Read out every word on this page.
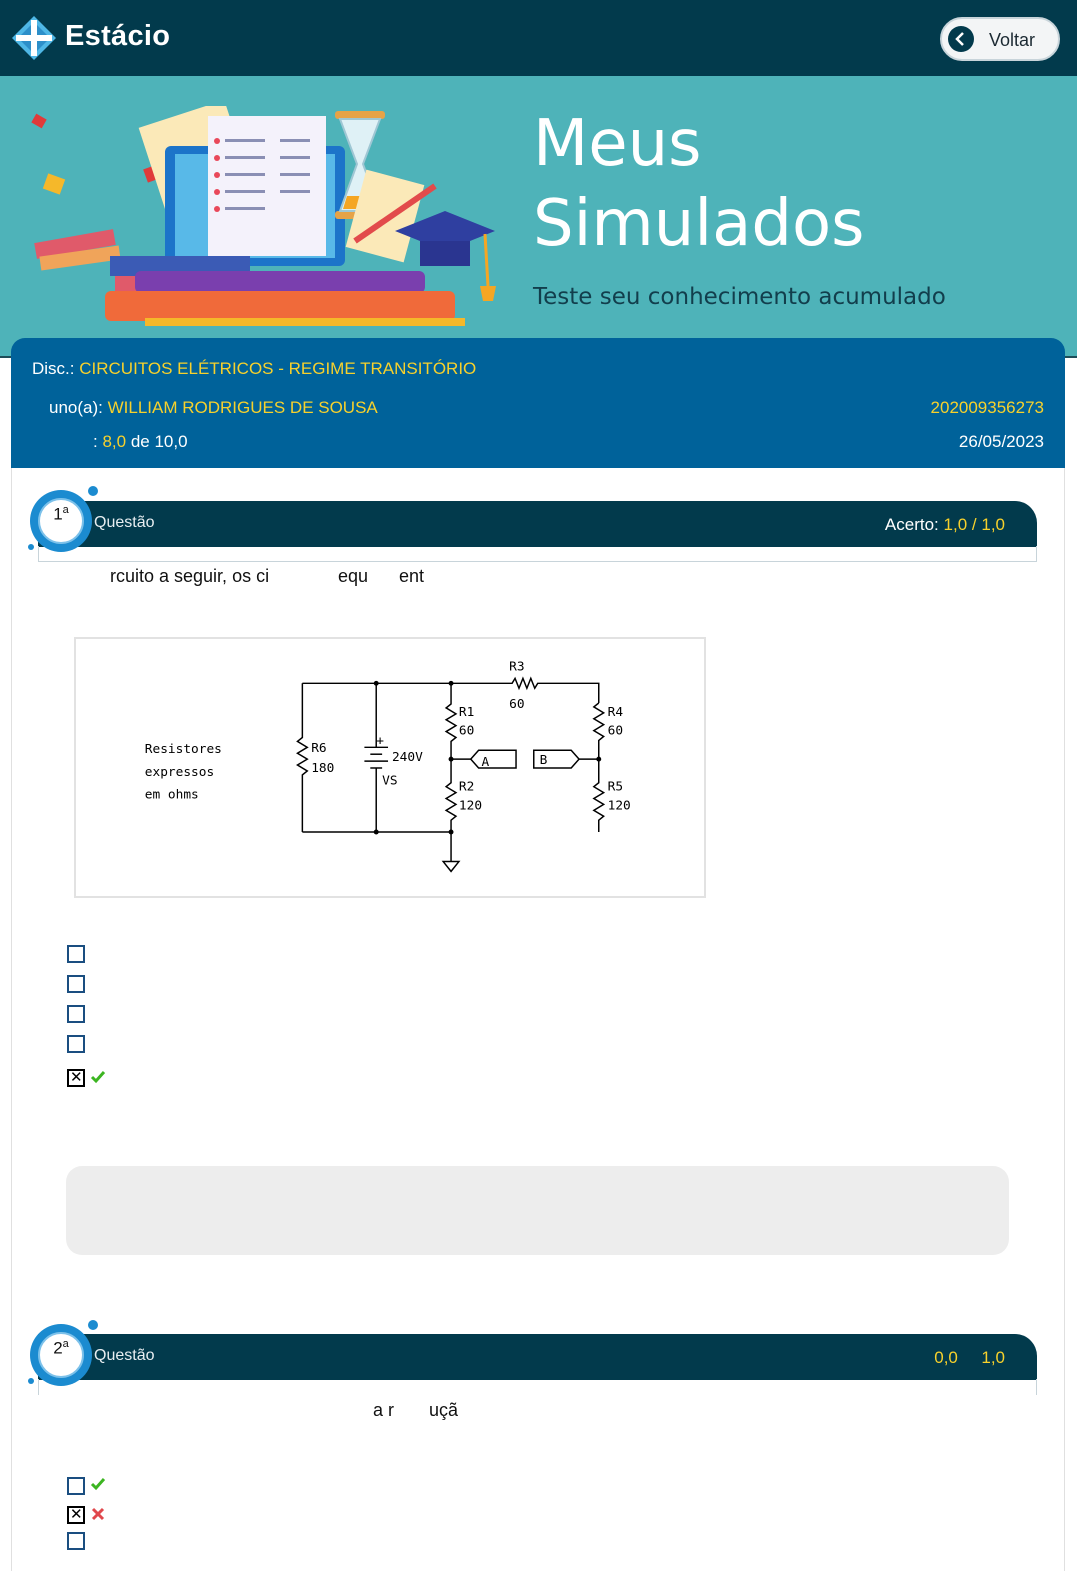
Estácio	Voltar
Meus
Simulados
Teste seu conhecimento acumulado
Disc.: CIRCUITOS ELÉTRICOS - REGIME TRANSITÓRIO
uno(a): WILLIAM RODRIGUES DE SOUSA	202009356273
: 8,0 de 10,0	26/05/2023
Questão	Acerto: 1,0 / 1,0
1$^a$
rcuito a seguir, os ci	equ ent
Resistores
expressos
em ohms
R3
60
R1
60
R4
60
R6
180
R2
120
R5
120
+
240V
VS
A	B
✕
Questão	0,0 1,0
2$^a$
a r uçã
✕
